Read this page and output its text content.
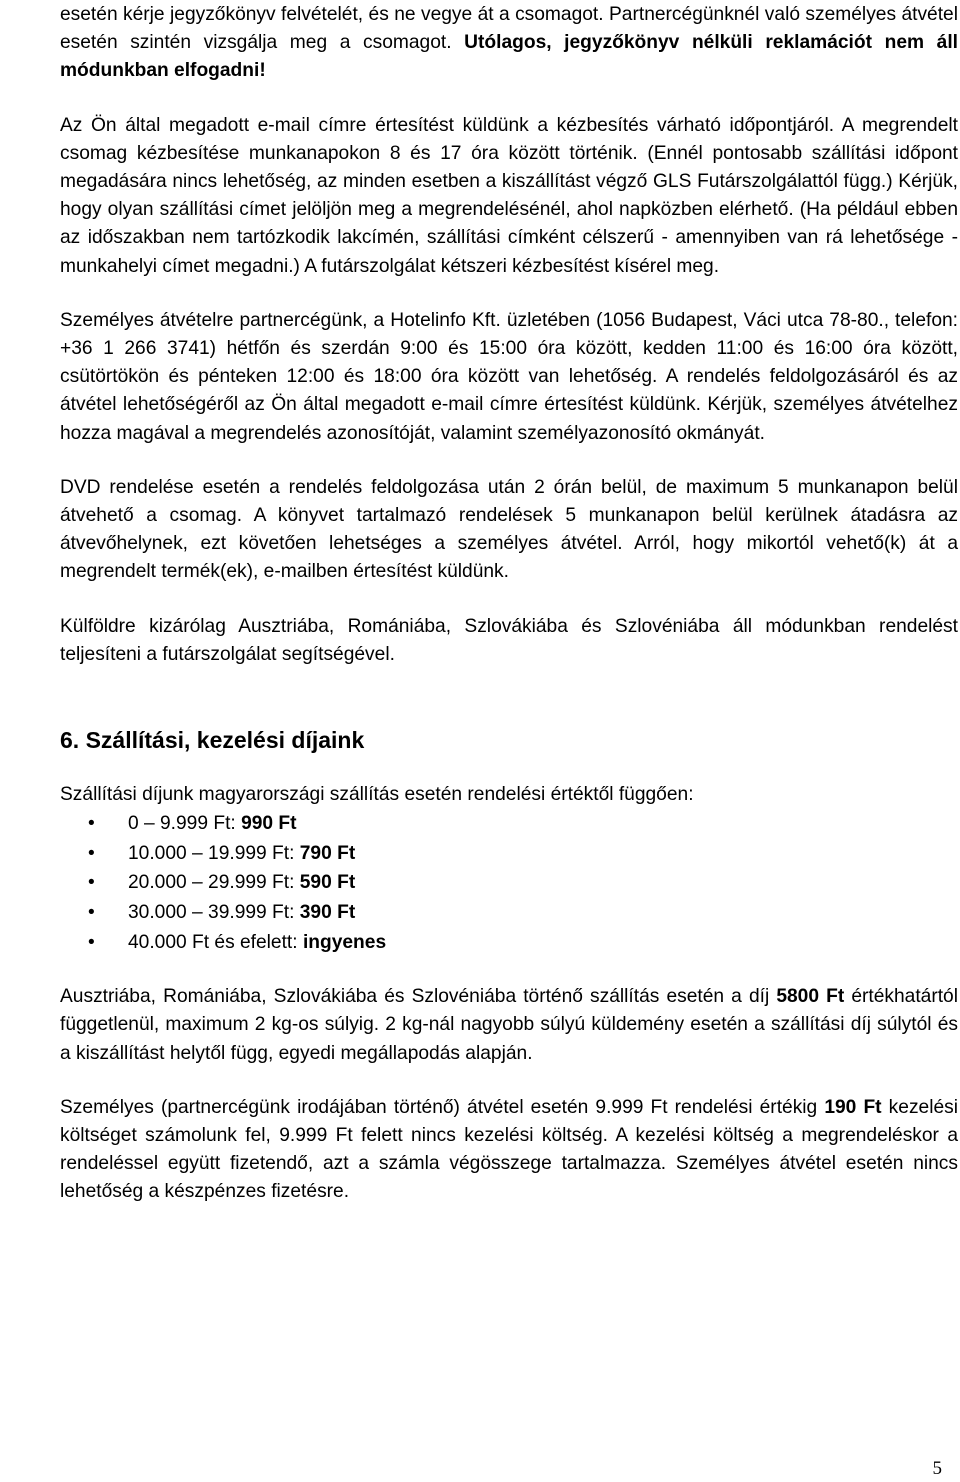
esetén kérje jegyzőkönyv felvételét, és ne vegye át a csomagot. Partnercégünknél való személyes átvétel esetén szintén vizsgálja meg a csomagot. Utólagos, jegyzőkönyv nélküli reklamációt nem áll módunkban elfogadni!

Az Ön által megadott e-mail címre értesítést küldünk a kézbesítés várható időpontjáról. A megrendelt csomag kézbesítése munkanapokon 8 és 17 óra között történik. (Ennél pontosabb szállítási időpont megadására nincs lehetőség, az minden esetben a kiszállítást végző GLS Futárszolgálattól függ.) Kérjük, hogy olyan szállítási címet jelöljön meg a megrendelésénél, ahol napközben elérhető. (Ha például ebben az időszakban nem tartózkodik lakcímén, szállítási címként célszerű - amennyiben van rá lehetősége - munkahelyi címet megadni.) A futárszolgálat kétszeri kézbesítést kísérel meg.

Személyes átvételre partnercégünk, a Hotelinfo Kft. üzletében (1056 Budapest, Váci utca 78-80., telefon: +36 1 266 3741) hétfőn és szerdán 9:00 és 15:00 óra között, kedden 11:00 és 16:00 óra között, csütörtökön és pénteken 12:00 és 18:00 óra között van lehetőség. A rendelés feldolgozásáról és az átvétel lehetőségéről az Ön által megadott e-mail címre értesítést küldünk. Kérjük, személyes átvételhez hozza magával a megrendelés azonosítóját, valamint személyazonosító okmányát.

DVD rendelése esetén a rendelés feldolgozása után 2 órán belül, de maximum 5 munkanapon belül átvehető a csomag. A könyvet tartalmazó rendelések 5 munkanapon belül kerülnek átadásra az átvevőhelynek, ezt követően lehetséges a személyes átvétel. Arról, hogy mikortól vehető(k) át a megrendelt termék(ek), e-mailben értesítést küldünk.

Külföldre kizárólag Ausztriába, Romániába, Szlovákiába és Szlovéniába áll módunkban rendelést teljesíteni a futárszolgálat segítségével.

6. Szállítási, kezelési díjaink

Szállítási díjunk magyarországi szállítás esetén rendelési értéktől függően:

• 0 – 9.999 Ft: 990 Ft
• 10.000 – 19.999 Ft: 790 Ft
• 20.000 – 29.999 Ft: 590 Ft
• 30.000 – 39.999 Ft: 390 Ft
• 40.000 Ft és efelett: ingyenes

Ausztriába, Romániába, Szlovákiába és Szlovéniába történő szállítás esetén a díj 5800 Ft értékhatártól függetlenül, maximum 2 kg-os súlyig. 2 kg-nál nagyobb súlyú küldemény esetén a szállítási díj súlytól és a kiszállítást helytől függ, egyedi megállapodás alapján.

Személyes (partnercégünk irodájában történő) átvétel esetén 9.999 Ft rendelési értékig 190 Ft kezelési költséget számolunk fel, 9.999 Ft felett nincs kezelési költség. A kezelési költség a megrendeléskor a rendeléssel együtt fizetendő, azt a számla végösszege tartalmazza. Személyes átvétel esetén nincs lehetőség a készpénzes fizetésre.

5
